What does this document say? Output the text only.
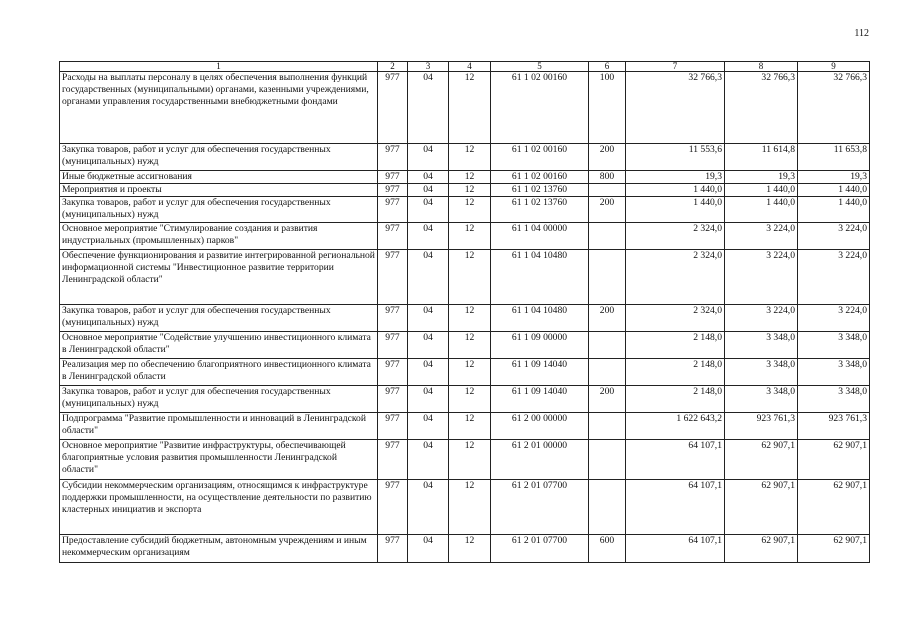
112
1	2	3	4	5	6	7	8	9
Расходы на выплаты персоналу в целях обеспечения выполнения функций государственных (муниципальными) органами, казенными учреждениями, органами управления государственными внебюджетными фондами	977	04	12	61 1 02 00160	100	32 766,3	32 766,3	32 766,3
Закупка товаров, работ и услуг для обеспечения государственных (муниципальных) нужд	977	04	12	61 1 02 00160	200	11 553,6	11 614,8	11 653,8
Иные бюджетные ассигнования	977	04	12	61 1 02 00160	800	19,3	19,3	19,3
Мероприятия и проекты	977	04	12	61 1 02 13760		1 440,0	1 440,0	1 440,0
Закупка товаров, работ и услуг для обеспечения государственных (муниципальных) нужд	977	04	12	61 1 02 13760	200	1 440,0	1 440,0	1 440,0
Основное мероприятие "Стимулирование создания и развития индустриальных (промышленных) парков"	977	04	12	61 1 04 00000		2 324,0	3 224,0	3 224,0
Обеспечение функционирования и развитие интегрированной региональной информационной системы "Инвестиционное развитие территории Ленинградской области"	977	04	12	61 1 04 10480		2 324,0	3 224,0	3 224,0
Закупка товаров, работ и услуг для обеспечения государственных (муниципальных) нужд	977	04	12	61 1 04 10480	200	2 324,0	3 224,0	3 224,0
Основное мероприятие "Содействие улучшению инвестиционного климата в Ленинградской области"	977	04	12	61 1 09 00000		2 148,0	3 348,0	3 348,0
Реализация мер по обеспечению благоприятного инвестиционного климата в Ленинградской области	977	04	12	61 1 09 14040		2 148,0	3 348,0	3 348,0
Закупка товаров, работ и услуг для обеспечения государственных (муниципальных) нужд	977	04	12	61 1 09 14040	200	2 148,0	3 348,0	3 348,0
Подпрограмма "Развитие промышленности и инноваций в Ленинградской области"	977	04	12	61 2 00 00000		1 622 643,2	923 761,3	923 761,3
Основное мероприятие "Развитие инфраструктуры, обеспечивающей благоприятные условия развития промышленности Ленинградской области"	977	04	12	61 2 01 00000		64 107,1	62 907,1	62 907,1
Субсидии некоммерческим организациям, относящимся к инфраструктуре поддержки промышленности, на осуществление деятельности по развитию кластерных инициатив и экспорта	977	04	12	61 2 01 07700		64 107,1	62 907,1	62 907,1
Предоставление субсидий бюджетным, автономным учреждениям и иным некоммерческим организациям	977	04	12	61 2 01 07700	600	64 107,1	62 907,1	62 907,1
